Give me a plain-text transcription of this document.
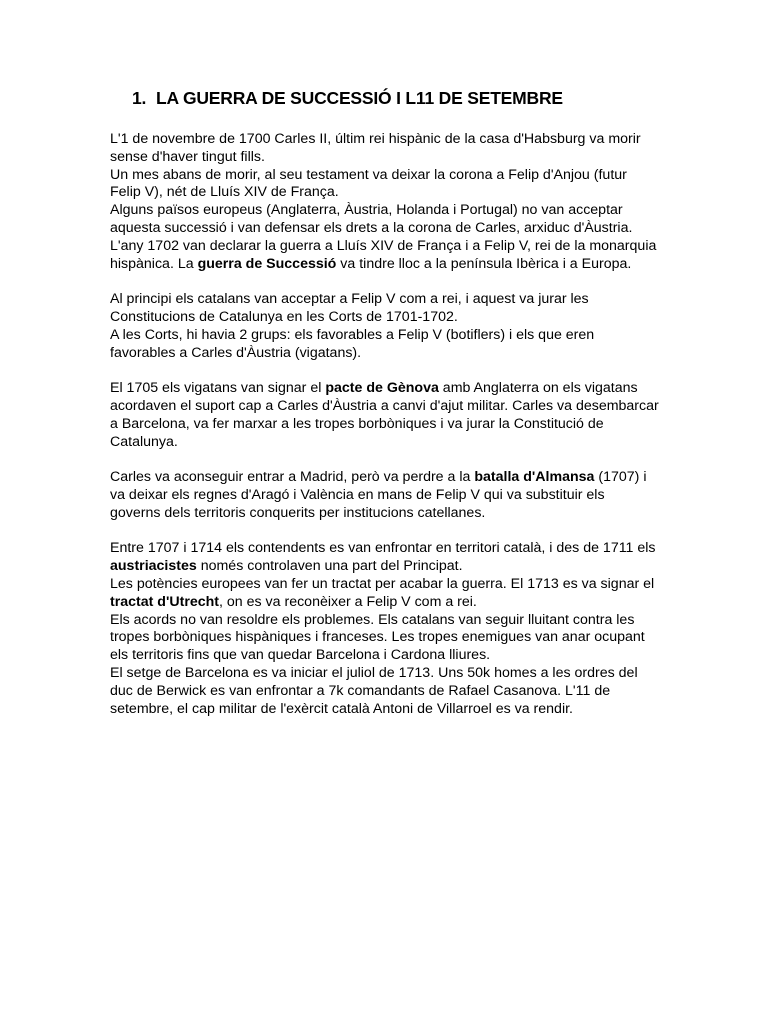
1. LA GUERRA DE SUCCESSIÓ I L11 DE SETEMBRE
L'1 de novembre de 1700 Carles II, últim rei hispànic de la casa d'Habsburg va morir
sense d'haver tingut fills.
Un mes abans de morir, al seu testament va deixar la corona a Felip d'Anjou (futur
Felip V), nét de Lluís XIV de França.
Alguns països europeus (Anglaterra, Àustria, Holanda i Portugal) no van acceptar
aquesta successió i van defensar els drets a la corona de Carles, arxiduc d'Àustria.
L'any 1702 van declarar la guerra a Lluís XIV de França i a Felip V, rei de la monarquia
hispànica. La guerra de Successió va tindre lloc a la península Ibèrica i a Europa.
Al principi els catalans van acceptar a Felip V com a rei, i aquest va jurar les
Constitucions de Catalunya en les Corts de 1701-1702.
A les Corts, hi havia 2 grups: els favorables a Felip V (botiflers) i els que eren
favorables a Carles d'Àustria (vigatans).
El 1705 els vigatans van signar el pacte de Gènova amb Anglaterra on els vigatans
acordaven el suport cap a Carles d'Àustria a canvi d'ajut militar. Carles va desembarcar
a Barcelona, va fer marxar a les tropes borbòniques i va jurar la Constitució de
Catalunya.
Carles va aconseguir entrar a Madrid, però va perdre a la batalla d'Almansa (1707) i
va deixar els regnes d'Aragó i València en mans de Felip V qui va substituir els
governs dels territoris conquerits per institucions catellanes.
Entre 1707 i 1714 els contendents es van enfrontar en territori català, i des de 1711 els
austriacistes només controlaven una part del Principat.
Les potències europees van fer un tractat per acabar la guerra. El 1713 es va signar el
tractat d'Utrecht, on es va reconèixer a Felip V com a rei.
Els acords no van resoldre els problemes. Els catalans van seguir lluitant contra les
tropes borbòniques hispàniques i franceses. Les tropes enemigues van anar ocupant
els territoris fins que van quedar Barcelona i Cardona lliures.
El setge de Barcelona es va iniciar el juliol de 1713. Uns 50k homes a les ordres del
duc de Berwick es van enfrontar a 7k comandants de Rafael Casanova. L'11 de
setembre, el cap militar de l'exèrcit català Antoni de Villarroel es va rendir.
